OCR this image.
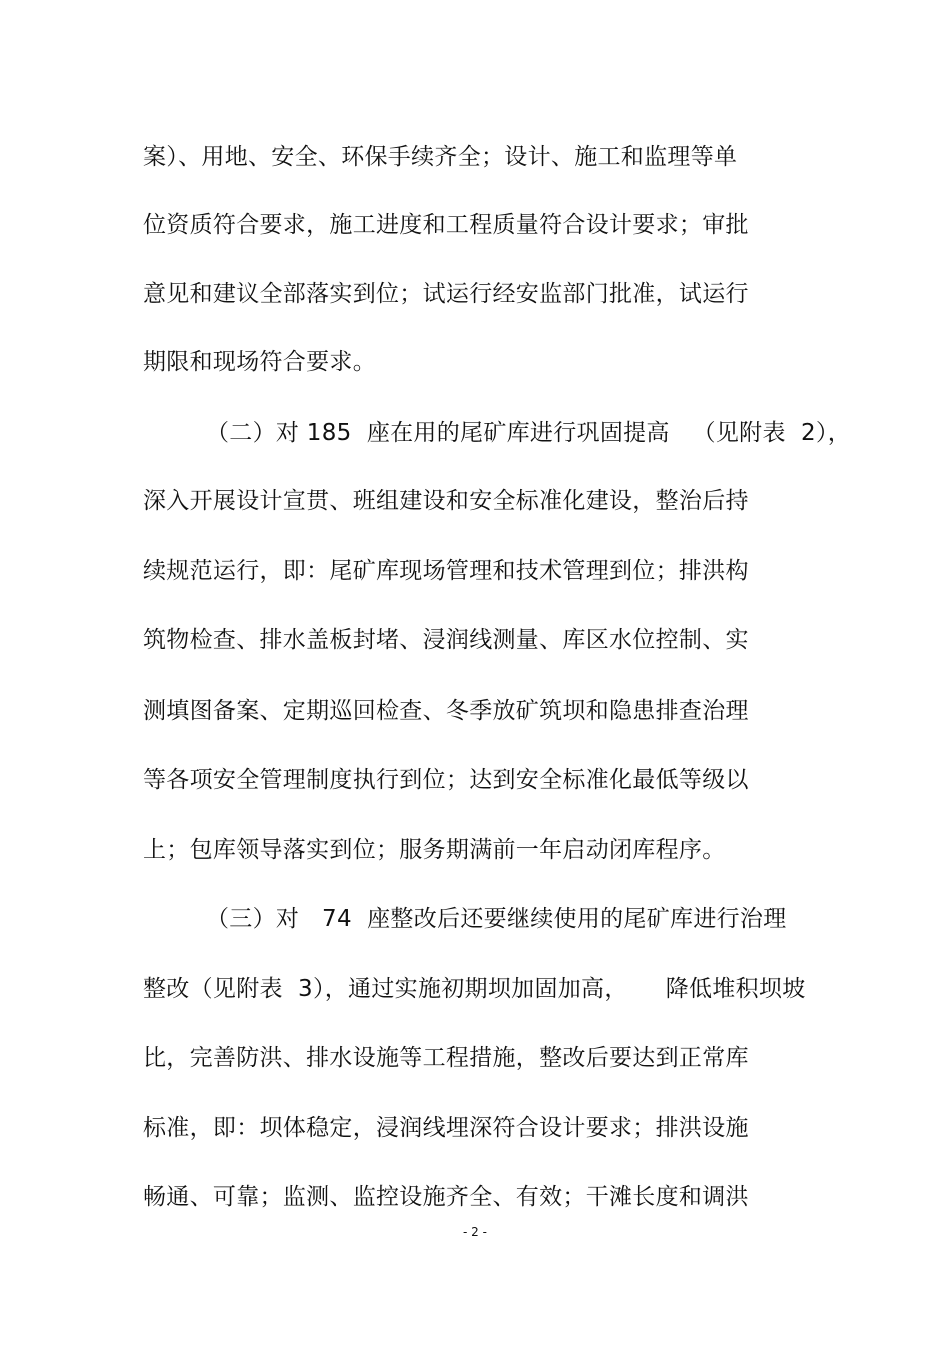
案）、用地、安全、环保手续齐全；设计、施工和监理等单
位资质符合要求，施工进度和工程质量符合设计要求；审批
意见和建议全部落实到位；试运行经安监部门批准，试运行
期限和现场符合要求。
（二）对 185  座在用的尾矿库进行巩固提高   （见附表  2），
深入开展设计宣贯、班组建设和安全标准化建设，整治后持
续规范运行，即：尾矿库现场管理和技术管理到位；排洪构
筑物检查、排水盖板封堵、浸润线测量、库区水位控制、实
测填图备案、定期巡回检查、冬季放矿筑坝和隐患排查治理
等各项安全管理制度执行到位；达到安全标准化最低等级以
上；包库领导落实到位；服务期满前一年启动闭库程序。
（三）对   74  座整改后还要继续使用的尾矿库进行治理
整改（见附表  3），通过实施初期坝加固加高，     降低堆积坝坡
比，完善防洪、排水设施等工程措施，整改后要达到正常库
标准，即：坝体稳定，浸润线埋深符合设计要求；排洪设施
畅通、可靠；监测、监控设施齐全、有效；干滩长度和调洪
- 2 -
